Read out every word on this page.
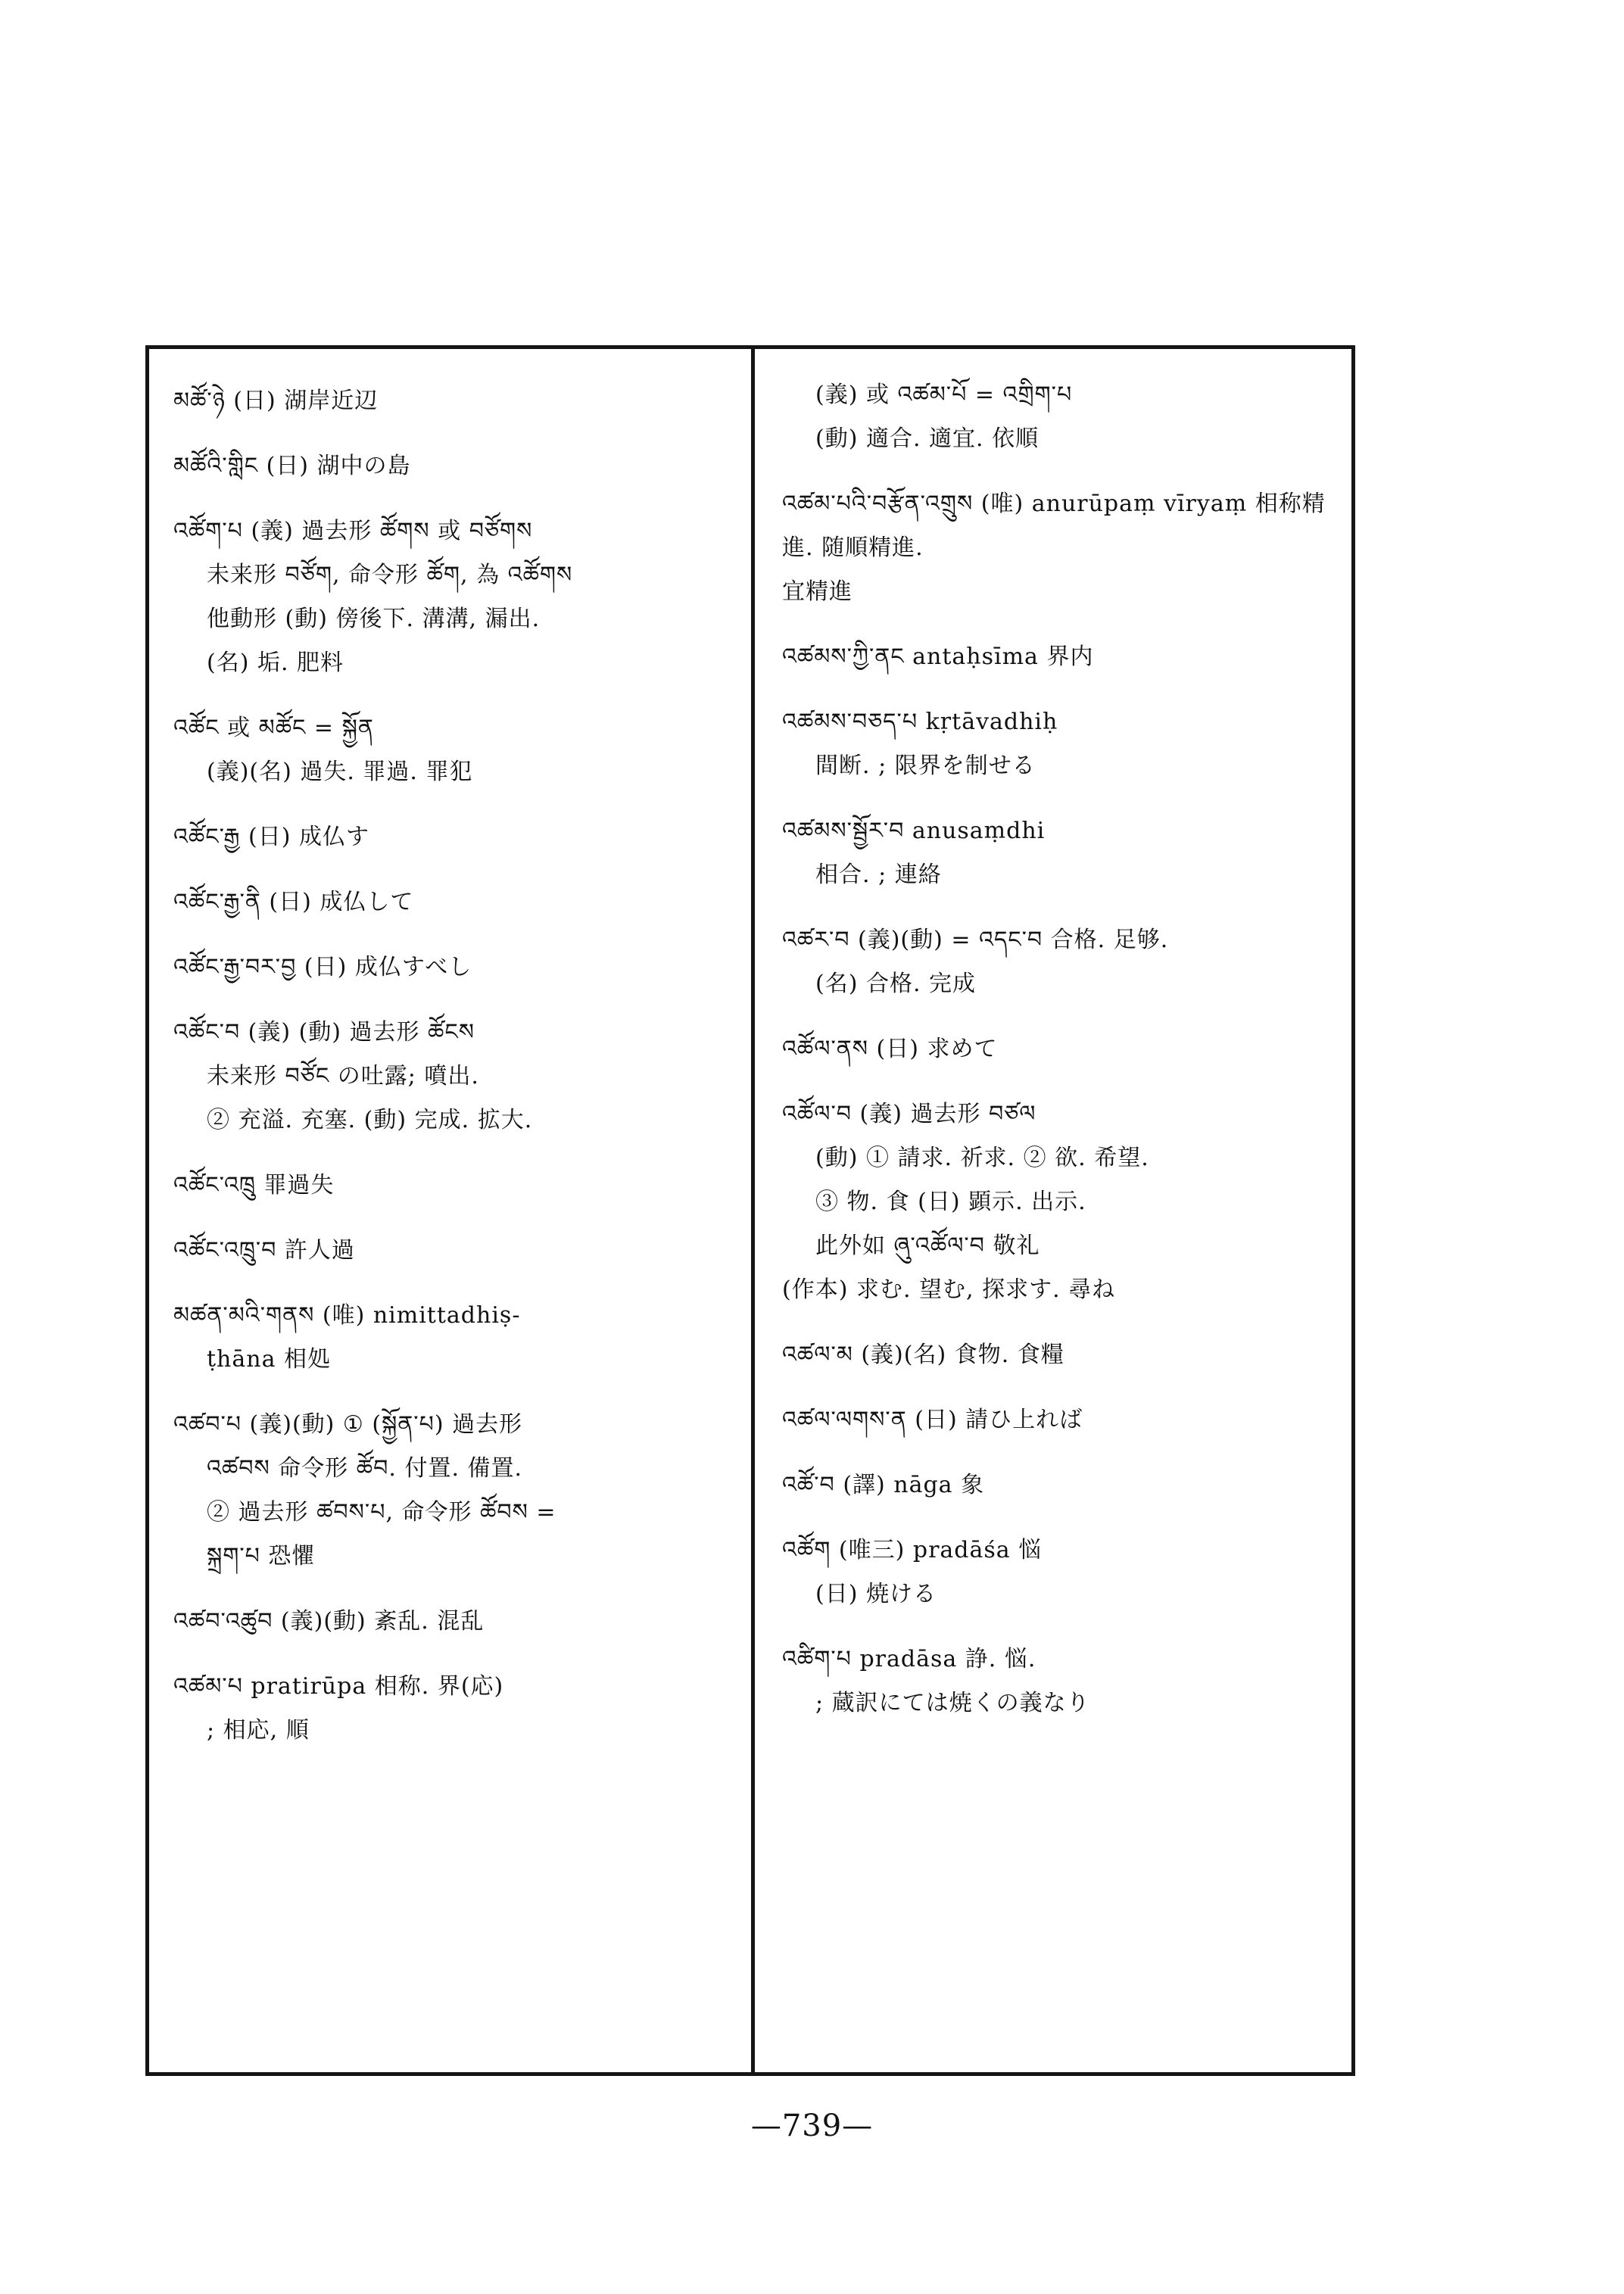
མཚོ་ཉེ (日) 湖岸近辺
མཚོའི་གླིང (日) 湖中の島
འཚོག་པ (義) 過去形 ཚོགས 或 བཙོགས
未来形 བཙོག, 命令形 ཚོག, 為 འཚོགས
他動形 (動) 傍後下. 溝溝, 漏出.
(名) 垢. 肥料
འཚོང 或 མཚོང = སྐྱོན
(義)(名) 過失. 罪過. 罪犯
འཚོང་རྒྱ (日) 成仏す
འཚོང་རྒྱ་ནི (日) 成仏して
འཚོང་རྒྱ་བར་བྱ (日) 成仏すべし
འཚོང་བ (義) (動) 過去形 ཚོངས
未来形 བཙོང の吐露; 噴出.
② 充溢. 充塞. (動) 完成. 拡大.
འཚོང་འཁྲུ 罪過失
འཚོང་འཁྲུ་བ 許人過
མཚན་མའི་གནས (唯) nimittadhiṣ-
ṭhāna 相処
འཚབ་པ (義)(動) ① (སྐྱོན་པ) 過去形
འཚབས 命令形 ཚོབ. 付置. 備置.
② 過去形 ཚབས་པ, 命令形 ཚོབས =
སྐྲག་པ 恐懼
འཚབ་འཚུབ (義)(動) 紊乱. 混乱
འཚམ་པ pratirūpa 相称. 界(応)
; 相応, 順
(義) 或 འཚམ་པོ = འགྲིག་པ
(動) 適合. 適宜. 依順
འཚམ་པའི་བརྩོན་འགྲུས (唯) anurūpaṃ vīryaṃ 相称精進. 随順精進.
宜精進
འཚམས་ཀྱི་ནང antaḥsīma 界内
འཚམས་བཅད་པ kṛtāvadhiḥ
間断. ; 限界を制せる
འཚམས་སྦྱོར་བ anusaṃdhi
相合. ; 連絡
འཚར་བ (義)(動) = འདང་བ 合格. 足够.
(名) 合格. 完成
འཚོལ་ནས (日) 求めて
འཚོལ་བ (義) 過去形 བཙལ
(動) ① 請求. 祈求. ② 欲. 希望.
③ 物. 食 (日) 顕示. 出示.
此外如 ཞུ་འཚོལ་བ 敬礼
(作本) 求む. 望む, 探求す. 尋ね
འཚལ་མ (義)(名) 食物. 食糧
འཚལ་ལགས་ན (日) 請ひ上れば
འཚོ་བ (譯) nāga 象
འཚོག (唯三) pradāśa 悩
(日) 焼ける
འཚིག་པ pradāsa 諍. 悩.
; 蔵訳にては焼くの義なり
—739—
